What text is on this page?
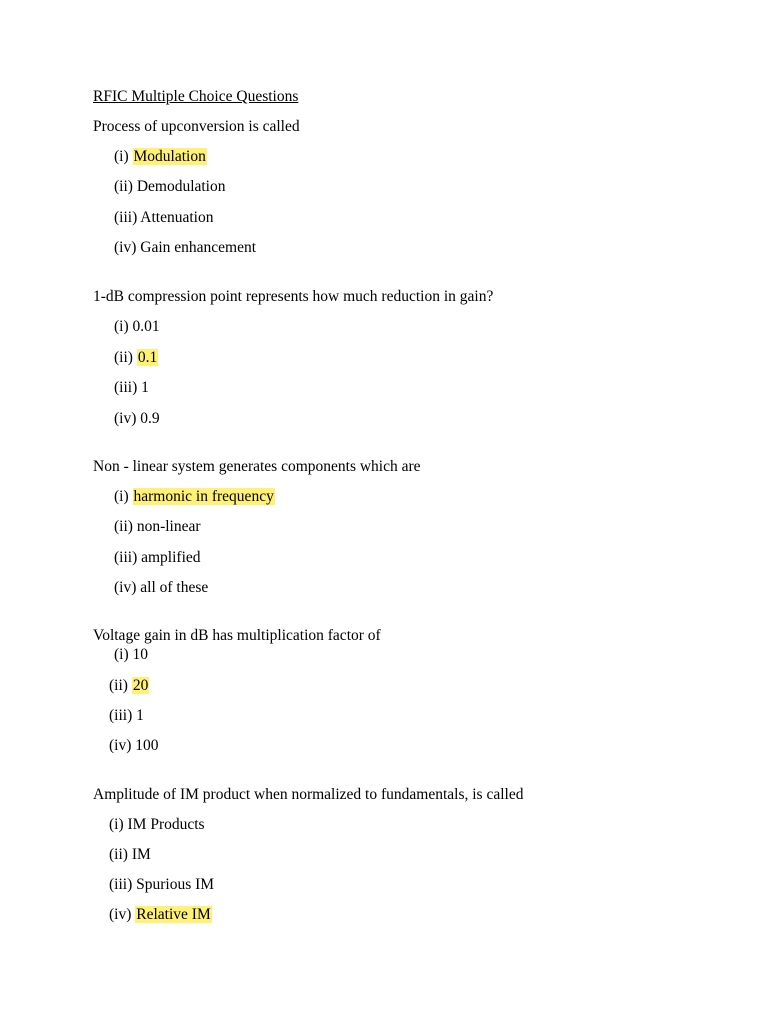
RFIC Multiple Choice Questions
Process of upconversion is called
(i) Modulation
(ii) Demodulation
(iii) Attenuation
(iv) Gain enhancement
1-dB compression point represents how much reduction in gain?
(i) 0.01
(ii) 0.1
(iii) 1
(iv) 0.9
Non - linear system generates components which are
(i) harmonic in frequency
(ii) non-linear
(iii) amplified
(iv) all of these
Voltage gain in dB has multiplication factor of
(i) 10
(ii) 20
(iii) 1
(iv) 100
Amplitude of IM product when normalized to fundamentals, is called
(i) IM Products
(ii) IM
(iii) Spurious IM
(iv) Relative IM
